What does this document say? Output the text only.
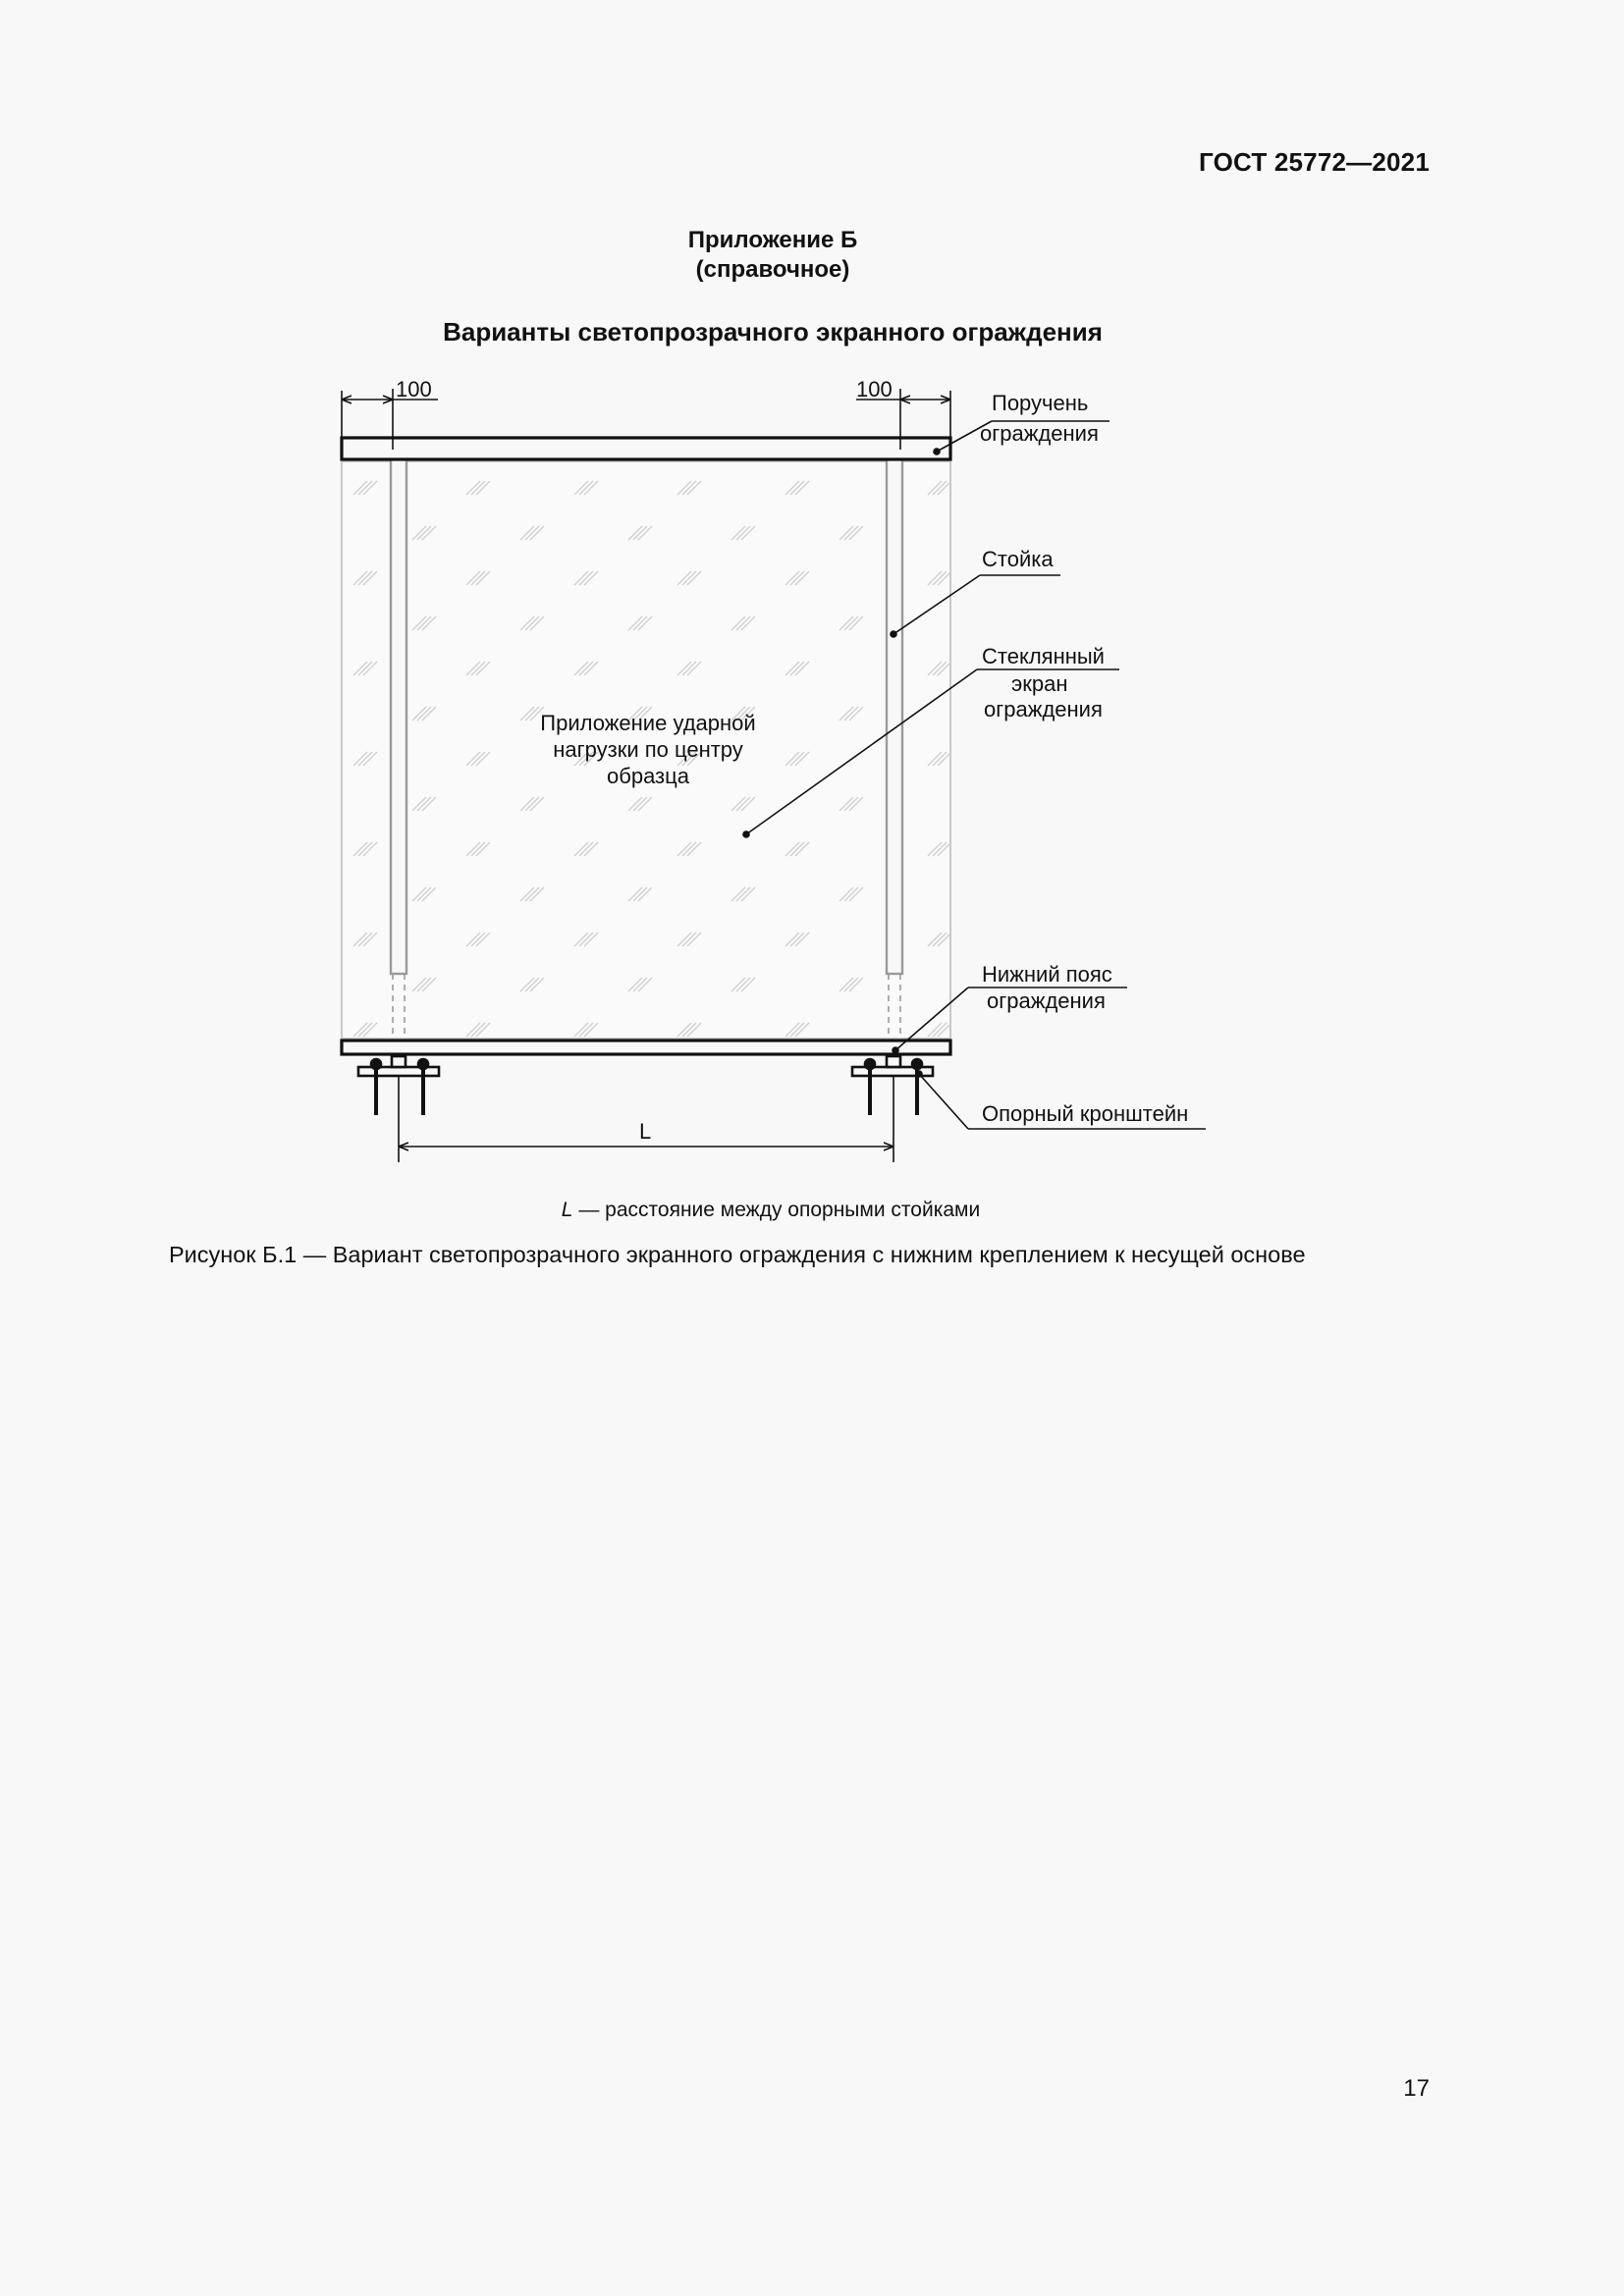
ГОСТ 25772—2021
Приложение Б
(справочное)
Варианты светопрозрачного экранного ограждения
100	100
L
Приложение ударной
нагрузки по центру
образца
Поручень
ограждения
Стойка
Стеклянный
экран
ограждения
Нижний пояс
ограждения
Опорный кронштейн
L — расстояние между опорными стойками
Рисунок Б.1 — Вариант светопрозрачного экранного ограждения с нижним креплением к несущей основе
17
